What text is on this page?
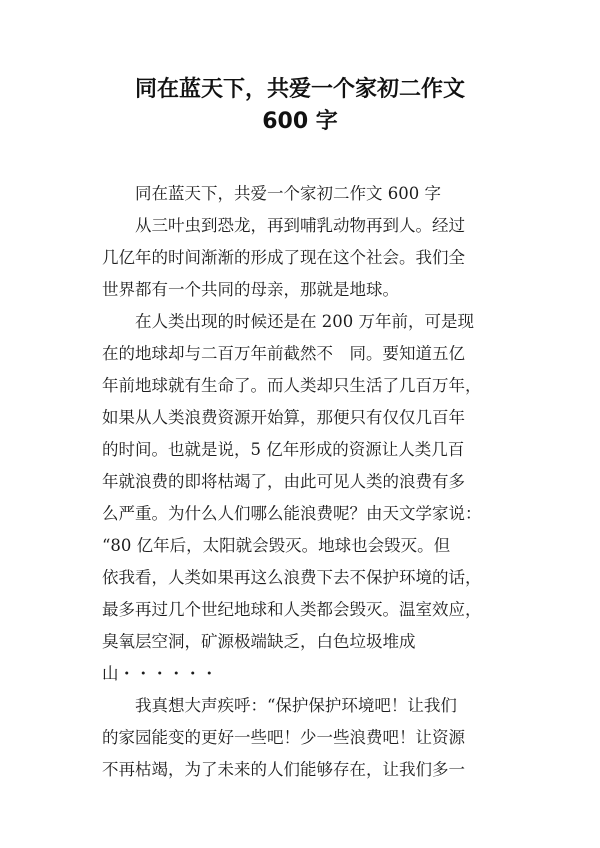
同在蓝天下，共爱一个家初二作文
600 字
同在蓝天下，共爱一个家初二作文 600 字
从三叶虫到恐龙，再到哺乳动物再到人。经过
几亿年的时间渐渐的形成了现在这个社会。我们全
世界都有一个共同的母亲，那就是地球。
在人类出现的时候还是在 200 万年前，可是现
在的地球却与二百万年前截然不　同。要知道五亿
年前地球就有生命了。而人类却只生活了几百万年，
如果从人类浪费资源开始算，那便只有仅仅几百年
的时间。也就是说，5 亿年形成的资源让人类几百
年就浪费的即将枯竭了，由此可见人类的浪费有多
么严重。为什么人们哪么能浪费呢？由天文学家说：
“80 亿年后，太阳就会毁灭。地球也会毁灭。但
依我看，人类如果再这么浪费下去不保护环境的话，
最多再过几个世纪地球和人类都会毁灭。温室效应，
臭氧层空洞，矿源极端缺乏，白色垃圾堆成
山・・・・・・
我真想大声疾呼：“保护保护环境吧！让我们
的家园能变的更好一些吧！少一些浪费吧！让资源
不再枯竭，为了未来的人们能够存在，让我们多一
